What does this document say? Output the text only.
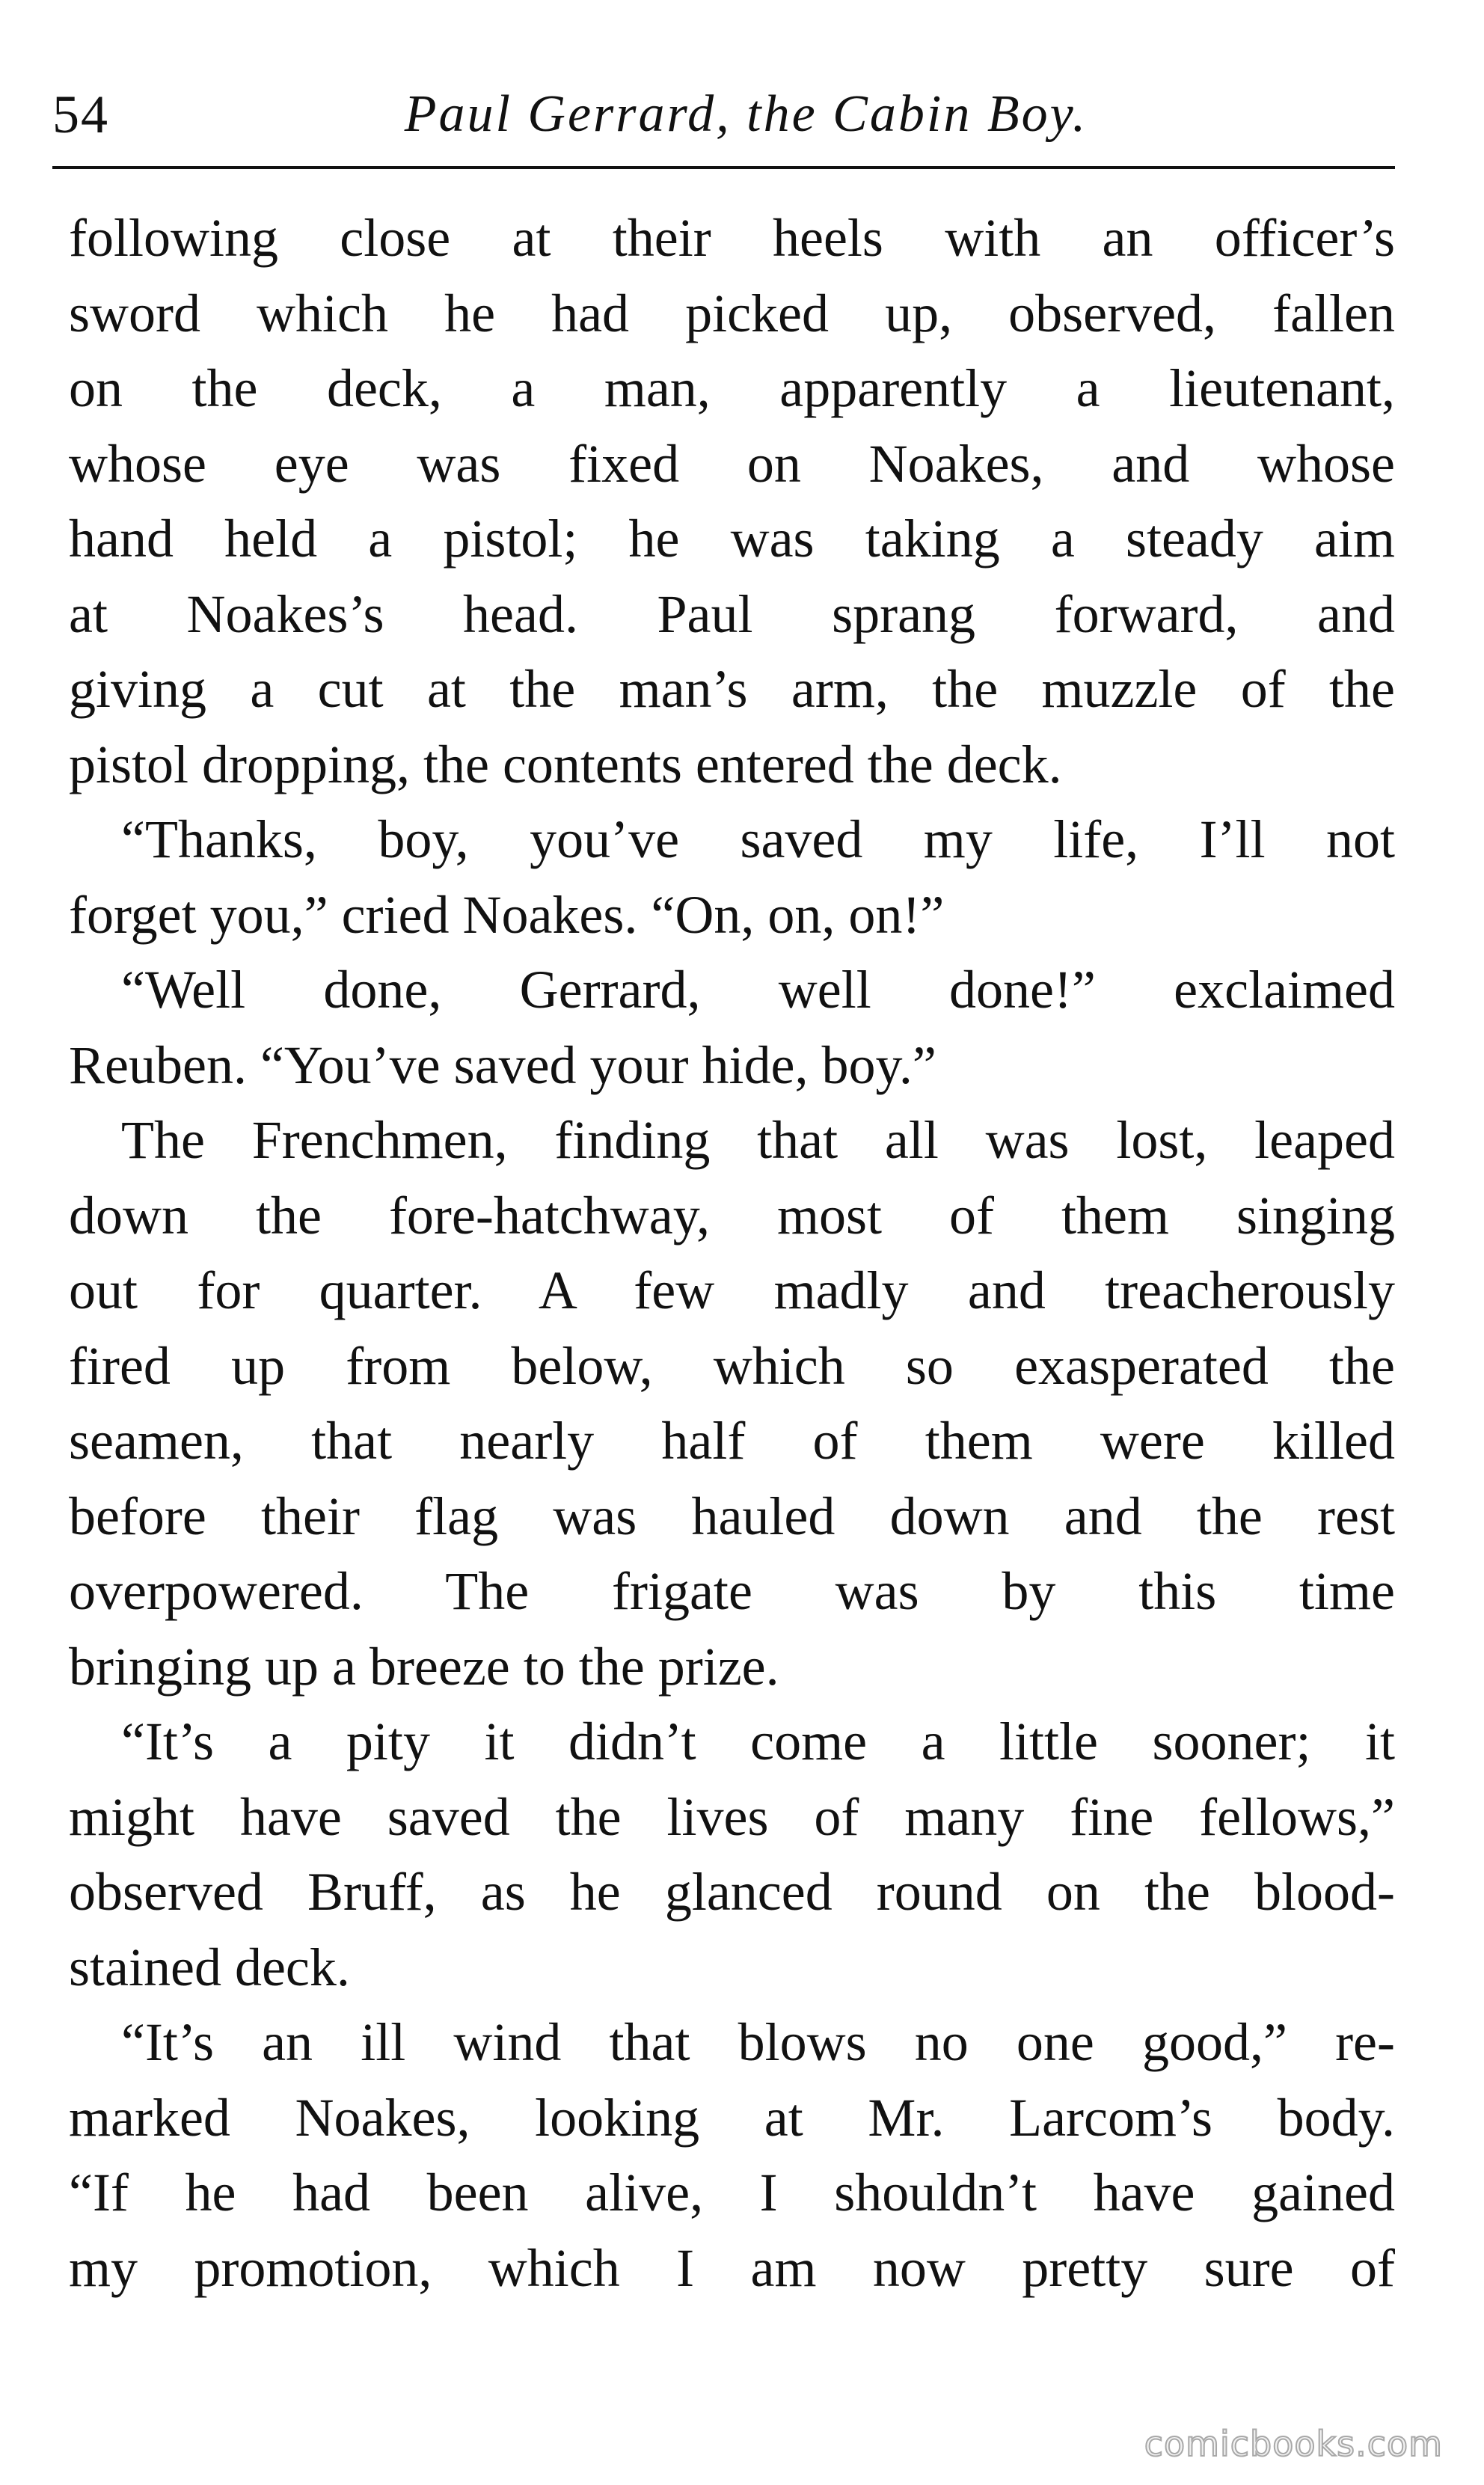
54	Paul Gerrard, the Cabin Boy.
following close at their heels with an officer’s
sword which he had picked up, observed, fallen
on the deck, a man, apparently a lieutenant,
whose eye was fixed on Noakes, and whose
hand held a pistol; he was taking a steady aim
at Noakes’s head. Paul sprang forward, and
giving a cut at the man’s arm, the muzzle of the
pistol dropping, the contents entered the deck.
“Thanks, boy, you’ve saved my life, I’ll not
forget you,” cried Noakes. “On, on, on!”
“Well done, Gerrard, well done!” exclaimed
Reuben. “You’ve saved your hide, boy.”
The Frenchmen, finding that all was lost, leaped
down the fore-hatchway, most of them singing
out for quarter. A few madly and treacherously
fired up from below, which so exasperated the
seamen, that nearly half of them were killed
before their flag was hauled down and the rest
overpowered. The frigate was by this time
bringing up a breeze to the prize.
“It’s a pity it didn’t come a little sooner; it
might have saved the lives of many fine fellows,”
observed Bruff, as he glanced round on the blood-
stained deck.
“It’s an ill wind that blows no one good,” re-
marked Noakes, looking at Mr. Larcom’s body.
“If he had been alive, I shouldn’t have gained
my promotion, which I am now pretty sure of
comicbooks.com
